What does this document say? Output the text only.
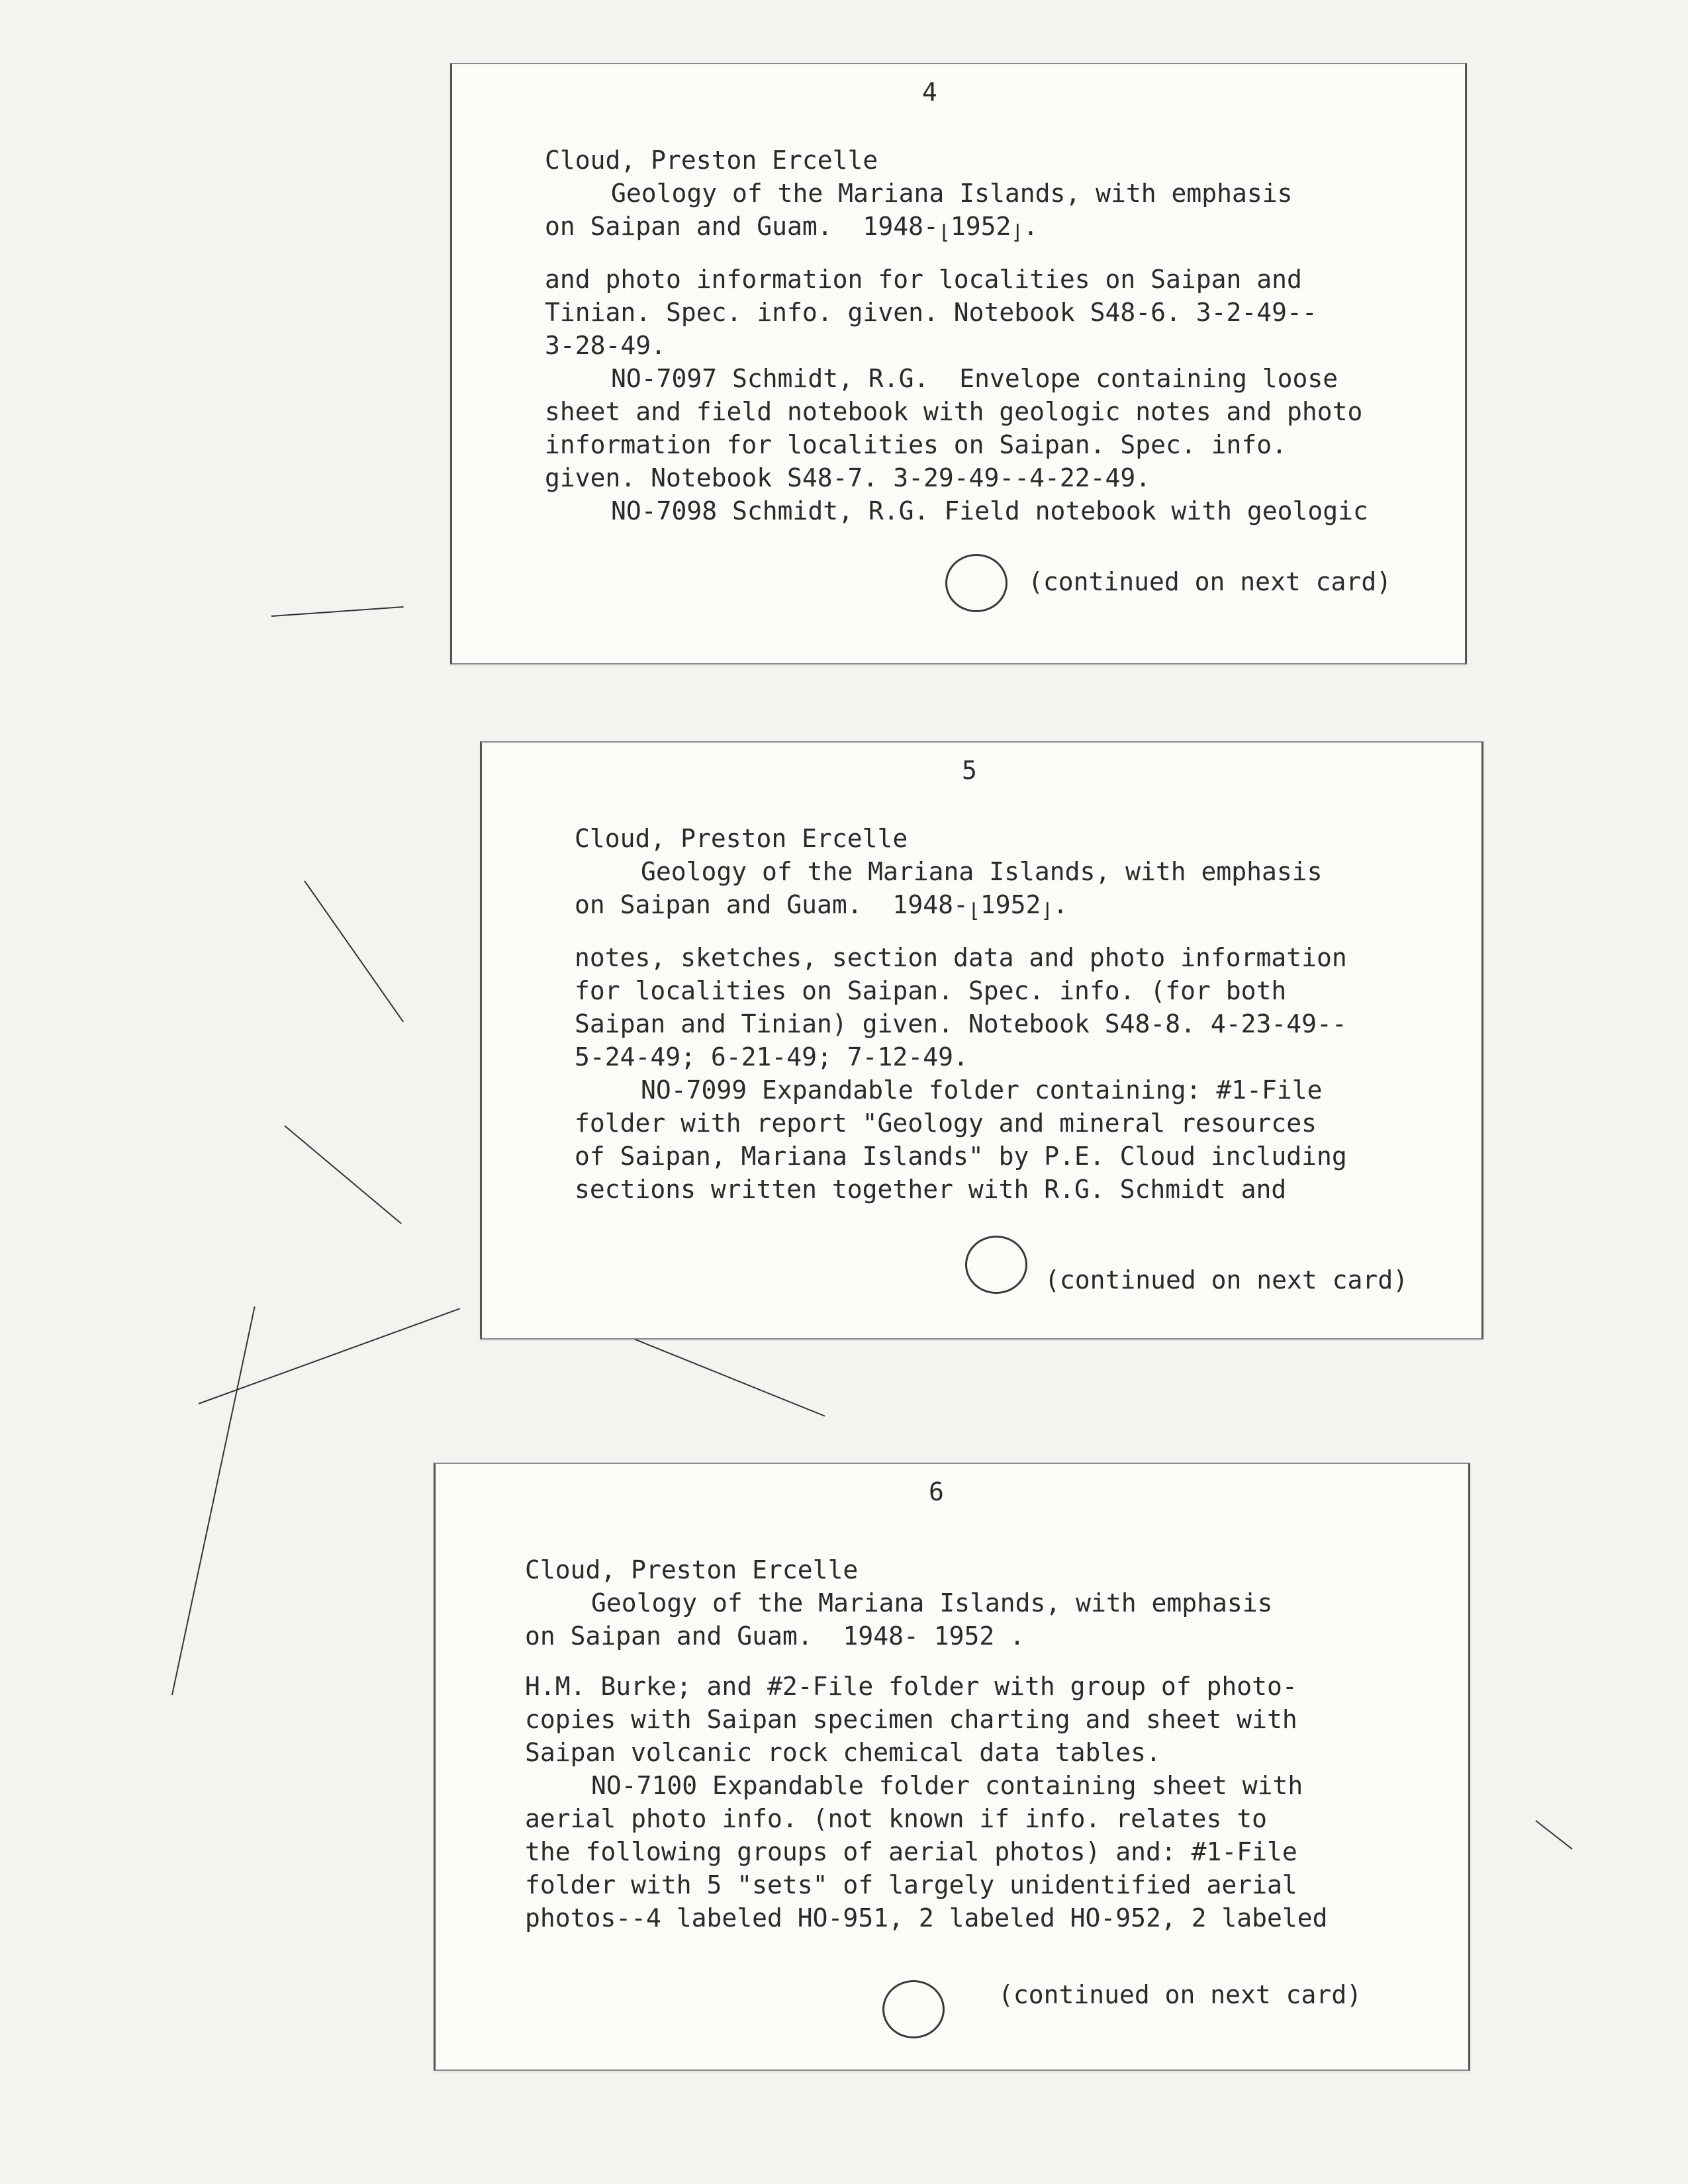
4

Cloud, Preston Ercelle

Geology of the Mariana Islands, with emphasis

on Saipan and Guam.  1948-⌊1952⌋.

and photo information for localities on Saipan and

Tinian. Spec. info. given. Notebook S48-6. 3-2-49--

3-28-49.

NO-7097 Schmidt, R.G.  Envelope containing loose

sheet and field notebook with geologic notes and photo

information for localities on Saipan. Spec. info.

given. Notebook S48-7. 3-29-49--4-22-49.

NO-7098 Schmidt, R.G. Field notebook with geologic

(continued on next card)
5

Cloud, Preston Ercelle

Geology of the Mariana Islands, with emphasis

on Saipan and Guam.  1948-⌊1952⌋.

notes, sketches, section data and photo information

for localities on Saipan. Spec. info. (for both

Saipan and Tinian) given. Notebook S48-8. 4-23-49--

5-24-49; 6-21-49; 7-12-49.

NO-7099 Expandable folder containing: #1-File

folder with report "Geology and mineral resources

of Saipan, Mariana Islands" by P.E. Cloud including

sections written together with R.G. Schmidt and

(continued on next card)
6

Cloud, Preston Ercelle

Geology of the Mariana Islands, with emphasis

on Saipan and Guam.  1948- 1952 .

H.M. Burke; and #2-File folder with group of photo-

copies with Saipan specimen charting and sheet with

Saipan volcanic rock chemical data tables.

NO-7100 Expandable folder containing sheet with

aerial photo info. (not known if info. relates to

the following groups of aerial photos) and: #1-File

folder with 5 "sets" of largely unidentified aerial

photos--4 labeled HO-951, 2 labeled HO-952, 2 labeled

(continued on next card)
